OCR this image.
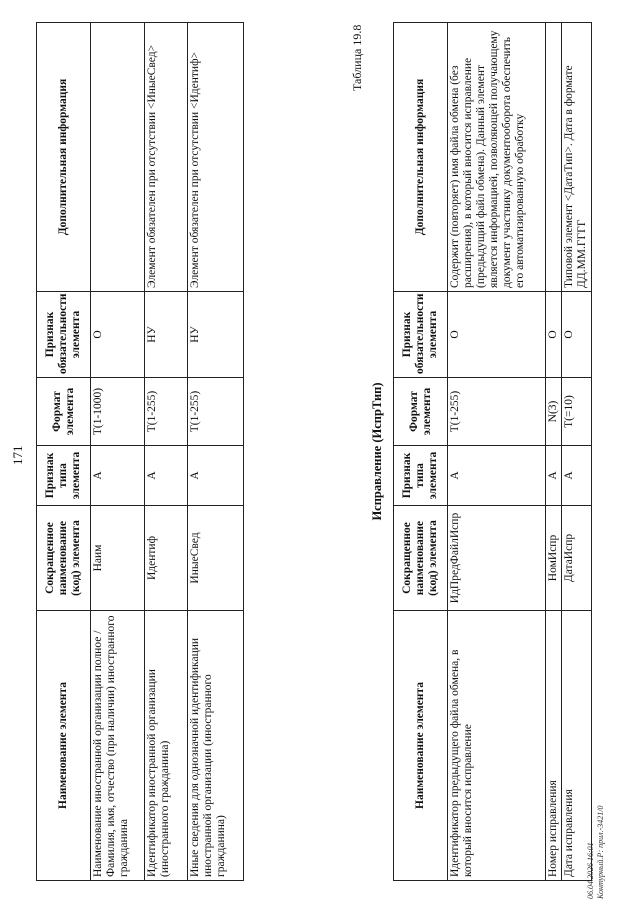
171
Наименование элемента	Сокращенное наименование (код) элемента	Признак типа элемента	Формат элемента	Признак обязательности элемента	Дополнительная информация
Наименование иностранной организации полное / Фамилия, имя, отчество (при наличии) иностранного гражданина	Наим	А	T(1-1000)	О	
Идентификатор иностранной организации (иностранного гражданина)	Идентиф	А	T(1-255)	НУ	Элемент обязателен при отсутствии <ИныеСвед>
Иные сведения для однозначной идентификации иностранной организации (иностранного гражданина)	ИныеСвед	А	T(1-255)	НУ	Элемент обязателен при отсутствии <Идентиф>	Таблица 19.8
Исправление (ИспрТип)
Наименование элемента	Сокращенное наименование (код) элемента	Признак типа элемента	Формат элемента	Признак обязательности элемента	Дополнительная информация
Идентификатор предыдущего файла обмена, в который вносится исправление	ИдПредФайлИспр	А	T(1-255)	О	Содержит (повторяет) имя файла обмена (без расширения), в который вносится исправление (предыдущий файл обмена). Данный элемент является информацией, позволяющей получающему документ участнику документооборота обеспечить его автоматизированную обработку
Номер исправления	НомИспр	А	N(3)	О	
Дата исправления	ДатаИспр	А	T(=10)	О	Типовой элемент <ДатаТип>. Дата в формате ДД.ММ.ГГГГ
06.04.2026 16:01 Контурный.Р: прил.-3421/0
